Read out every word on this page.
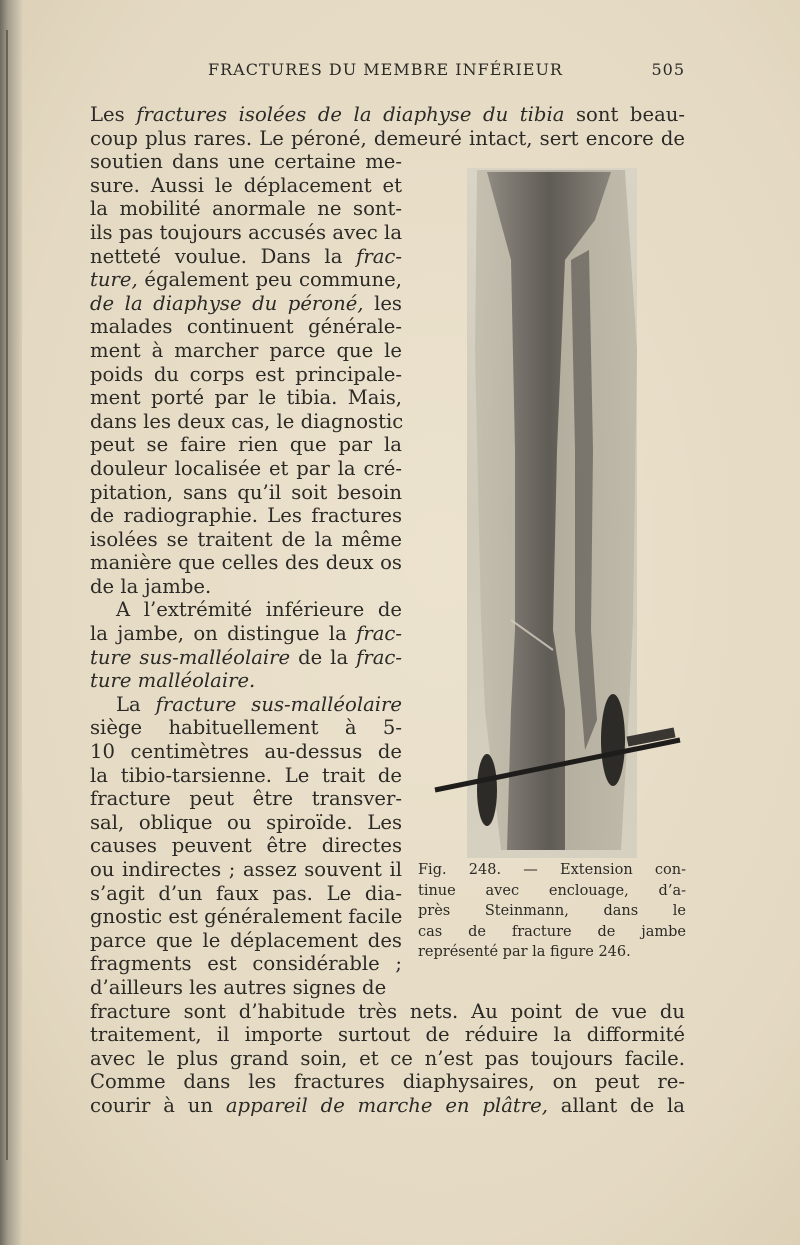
FRACTURES DU MEMBRE INFÉRIEUR	505
Les fractures isolées de la diaphyse du tibia sont beau-
coup plus rares. Le péroné, demeuré intact, sert encore de
soutien dans une certaine me-
sure. Aussi le déplacement et
la mobilité anormale ne sont-
ils pas toujours accusés avec la
netteté voulue. Dans la frac-
ture, également peu commune,
de la diaphyse du péroné, les
malades continuent générale-
ment à marcher parce que le
poids du corps est principale-
ment porté par le tibia. Mais,
dans les deux cas, le diagnostic
peut se faire rien que par la
douleur localisée et par la cré-
pitation, sans qu’il soit besoin
de radiographie. Les fractures
isolées se traitent de la même
manière que celles des deux os
de la jambe.
A l’extrémité inférieure de
la jambe, on distingue la frac-
ture sus-malléolaire de la frac-
ture malléolaire.
La fracture sus-malléolaire
siège habituellement à 5-
10 centimètres au-dessus de
la tibio-tarsienne. Le trait de
fracture peut être transver-
sal, oblique ou spiroïde. Les
causes peuvent être directes
ou indirectes ; assez souvent il
s’agit d’un faux pas. Le dia-
gnostic est généralement facile
parce que le déplacement des
fragments est considérable ;
d’ailleurs les autres signes de
fracture sont d’habitude très nets. Au point de vue du
traitement, il importe surtout de réduire la difformité
avec le plus grand soin, et ce n’est pas toujours facile.
Comme dans les fractures diaphysaires, on peut re-
courir à un appareil de marche en plâtre, allant de la
Fig. 248. — Extension con-
tinue avec enclouage, d’a-
près Steinmann, dans le
cas de fracture de jambe
représenté par la figure 246.
